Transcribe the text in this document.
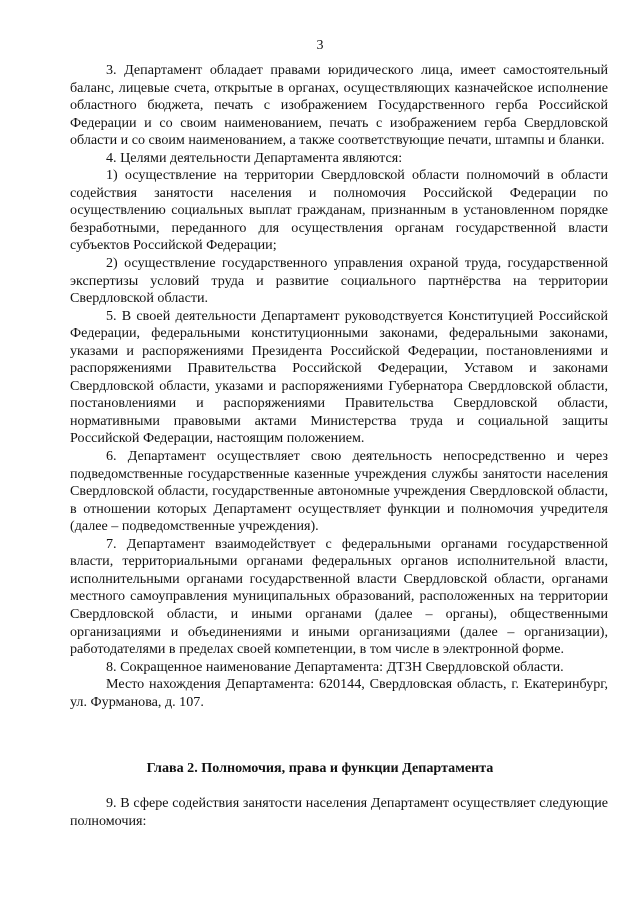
3

3. Департамент обладает правами юридического лица, имеет самостоятельный баланс, лицевые счета, открытые в органах, осуществляющих казначейское исполнение областного бюджета, печать с изображением Государственного герба Российской Федерации и со своим наименованием, печать с изображением герба Свердловской области и со своим наименованием, а также соответствующие печати, штампы и бланки.

4. Целями деятельности Департамента являются:

1) осуществление на территории Свердловской области полномочий в области содействия занятости населения и полномочия Российской Федерации по осуществлению социальных выплат гражданам, признанным в установленном порядке безработными, переданного для осуществления органам государственной власти субъектов Российской Федерации;

2) осуществление государственного управления охраной труда, государственной экспертизы условий труда и развитие социального партнёрства на территории Свердловской области.

5. В своей деятельности Департамент руководствуется Конституцией Российской Федерации, федеральными конституционными законами, федеральными законами, указами и распоряжениями Президента Российской Федерации, постановлениями и распоряжениями Правительства Российской Федерации, Уставом и законами Свердловской области, указами и распоряжениями Губернатора Свердловской области, постановлениями и распоряжениями Правительства Свердловской области, нормативными правовыми актами Министерства труда и социальной защиты Российской Федерации, настоящим положением.

6. Департамент осуществляет свою деятельность непосредственно и через подведомственные государственные казенные учреждения службы занятости населения Свердловской области, государственные автономные учреждения Свердловской области, в отношении которых Департамент осуществляет функции и полномочия учредителя (далее – подведомственные учреждения).

7. Департамент взаимодействует с федеральными органами государственной власти, территориальными органами федеральных органов исполнительной власти, исполнительными органами государственной власти Свердловской области, органами местного самоуправления муниципальных образований, расположенных на территории Свердловской области, и иными органами (далее – органы), общественными организациями и объединениями и иными организациями (далее – организации), работодателями в пределах своей компетенции, в том числе в электронной форме.

8. Сокращенное наименование Департамента: ДТЗН Свердловской области.

Место нахождения Департамента: 620144, Свердловская область, г. Екатеринбург, ул. Фурманова, д. 107.

Глава 2. Полномочия, права и функции Департамента

9. В сфере содействия занятости населения Департамент осуществляет следующие полномочия:
